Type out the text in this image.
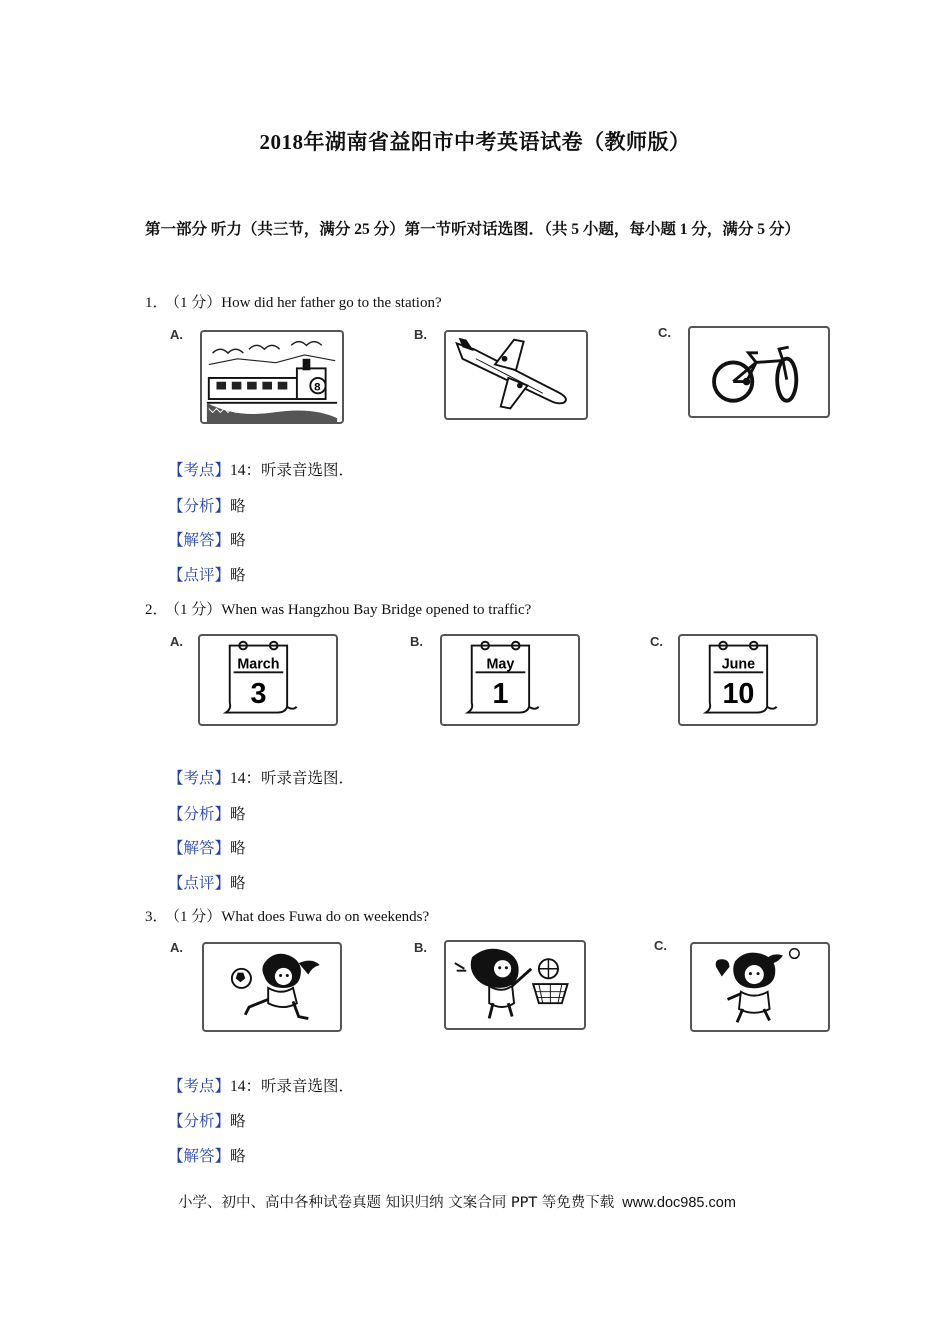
2018年湖南省益阳市中考英语试卷（教师版）
第一部分 听力（共三节，满分 25 分）第一节听对话选图．（共 5 小题，每小题 1 分，满分 5 分）
1．（1 分）How did her father go to the station?
A.
8
B.	C.
【考点】14：听录音选图．
【分析】略
【解答】略
【点评】略
2．（1 分）When was Hangzhou Bay Bridge opened to traffic?
A.
March
3
B.
May
1
C.
June
10
【考点】14：听录音选图．
【分析】略
【解答】略
【点评】略
3．（1 分）What does Fuwa do on weekends?
A.	B.	C.
【考点】14：听录音选图．
【分析】略
【解答】略
小学、初中、高中各种试卷真题 知识归纳 文案合同 PPT 等免费下载 www.doc985.com
